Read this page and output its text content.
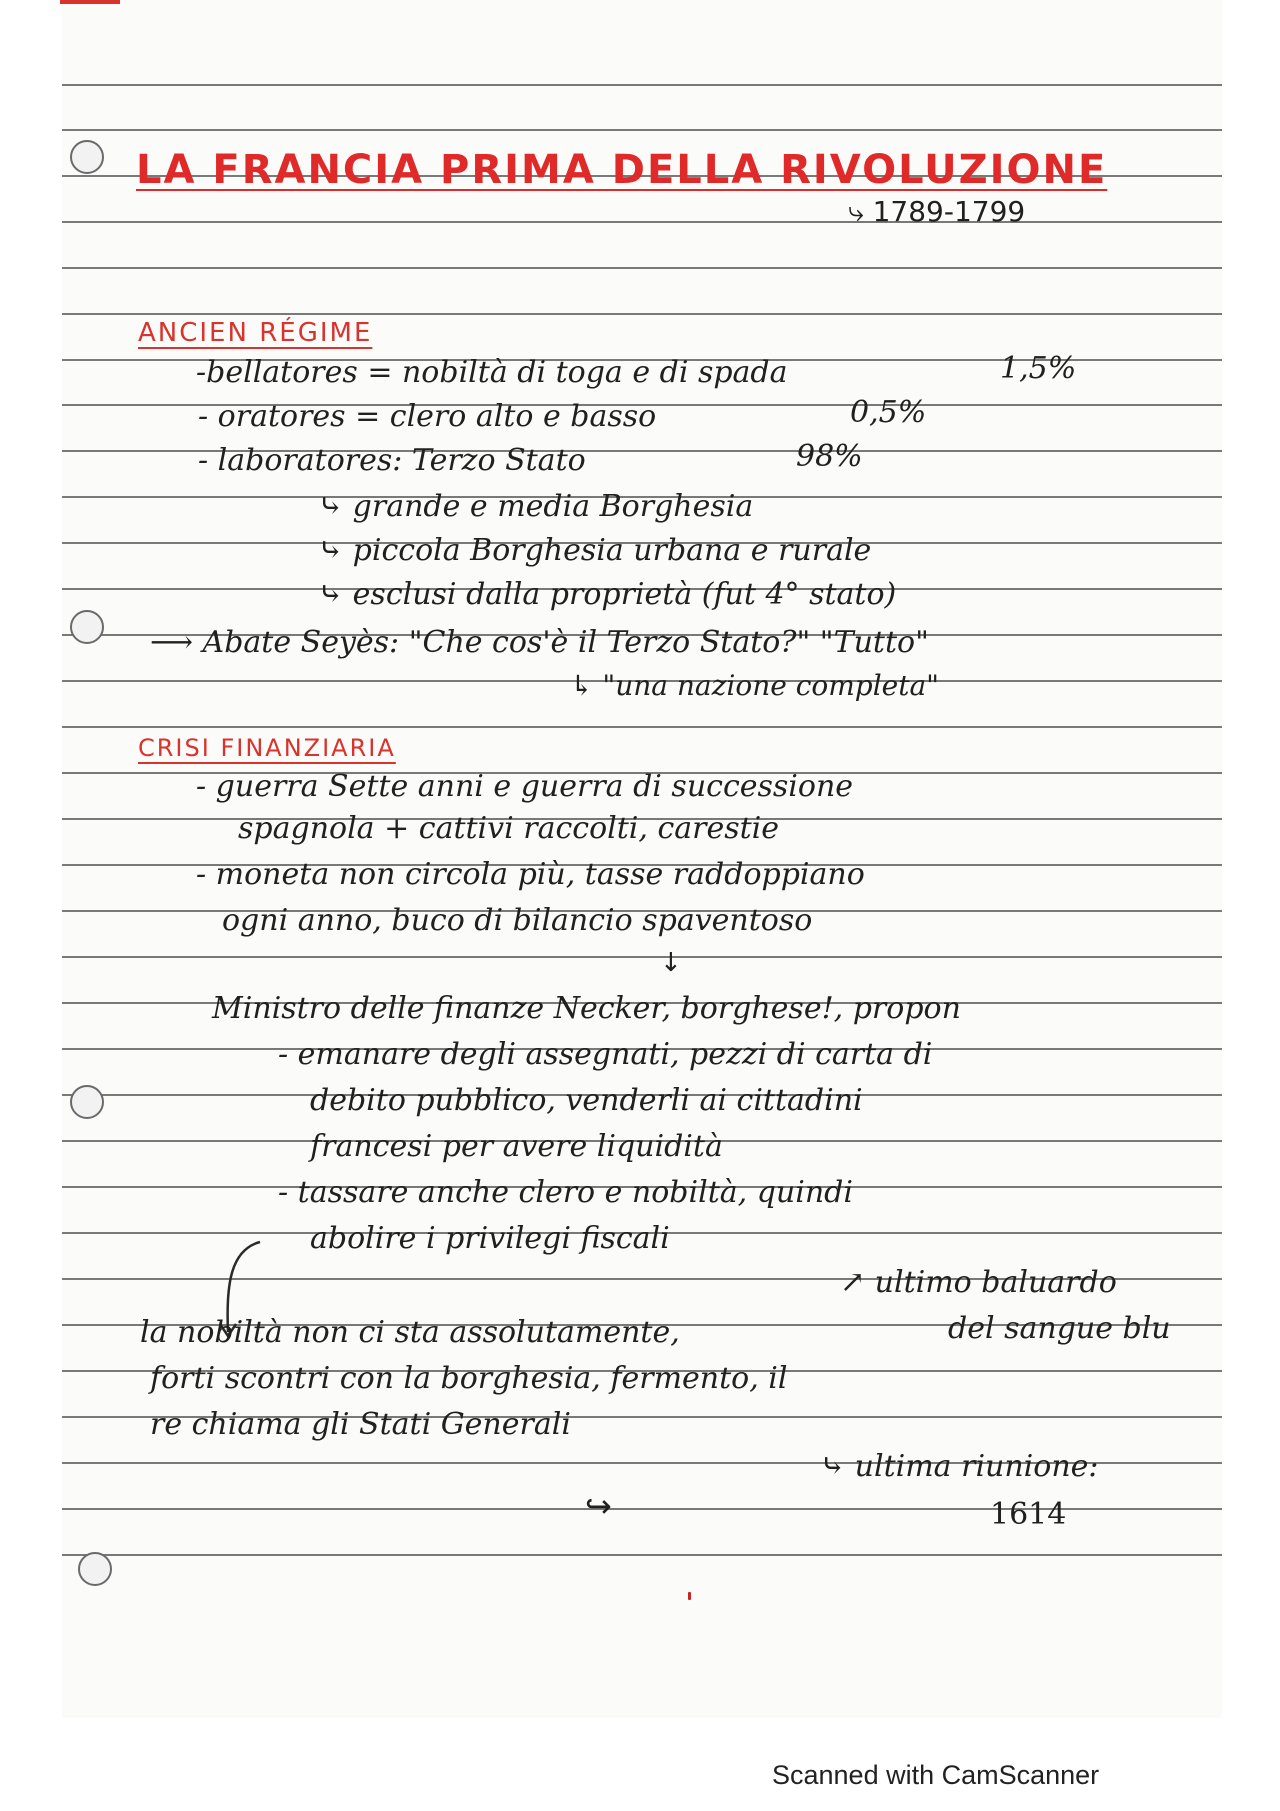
LA FRANCIA PRIMA DELLA RIVOLUZIONE
⤷ 1789-1799
ANCIEN RÉGIME
-bellatores = nobiltà di toga e di spada	1,5%
- oratores = clero alto e basso	0,5%
- laboratores: Terzo Stato	98%
⤷ grande e media Borghesia
⤷ piccola Borghesia urbana e rurale
⤷ esclusi dalla proprietà (fut 4° stato)
⟶ Abate Seyès: "Che cos'è il Terzo Stato?" "Tutto"
↳ "una nazione completa"
CRISI FINANZIARIA
- guerra Sette anni e guerra di successione
spagnola + cattivi raccolti, carestie
- moneta non circola più, tasse raddoppiano
ogni anno, buco di bilancio spaventoso
↓
Ministro delle finanze Necker, borghese!, propon
- emanare degli assegnati, pezzi di carta di
debito pubblico, venderli ai cittadini
francesi per avere liquidità
- tassare anche clero e nobiltà, quindi
abolire i privilegi fiscali
↗ ultimo baluardo
la nobiltà non ci sta assolutamente,	del sangue blu
forti scontri con la borghesia, fermento, il
re chiama gli Stati Generali
⤷ ultima riunione:
1614
↪
Scanned with CamScanner
